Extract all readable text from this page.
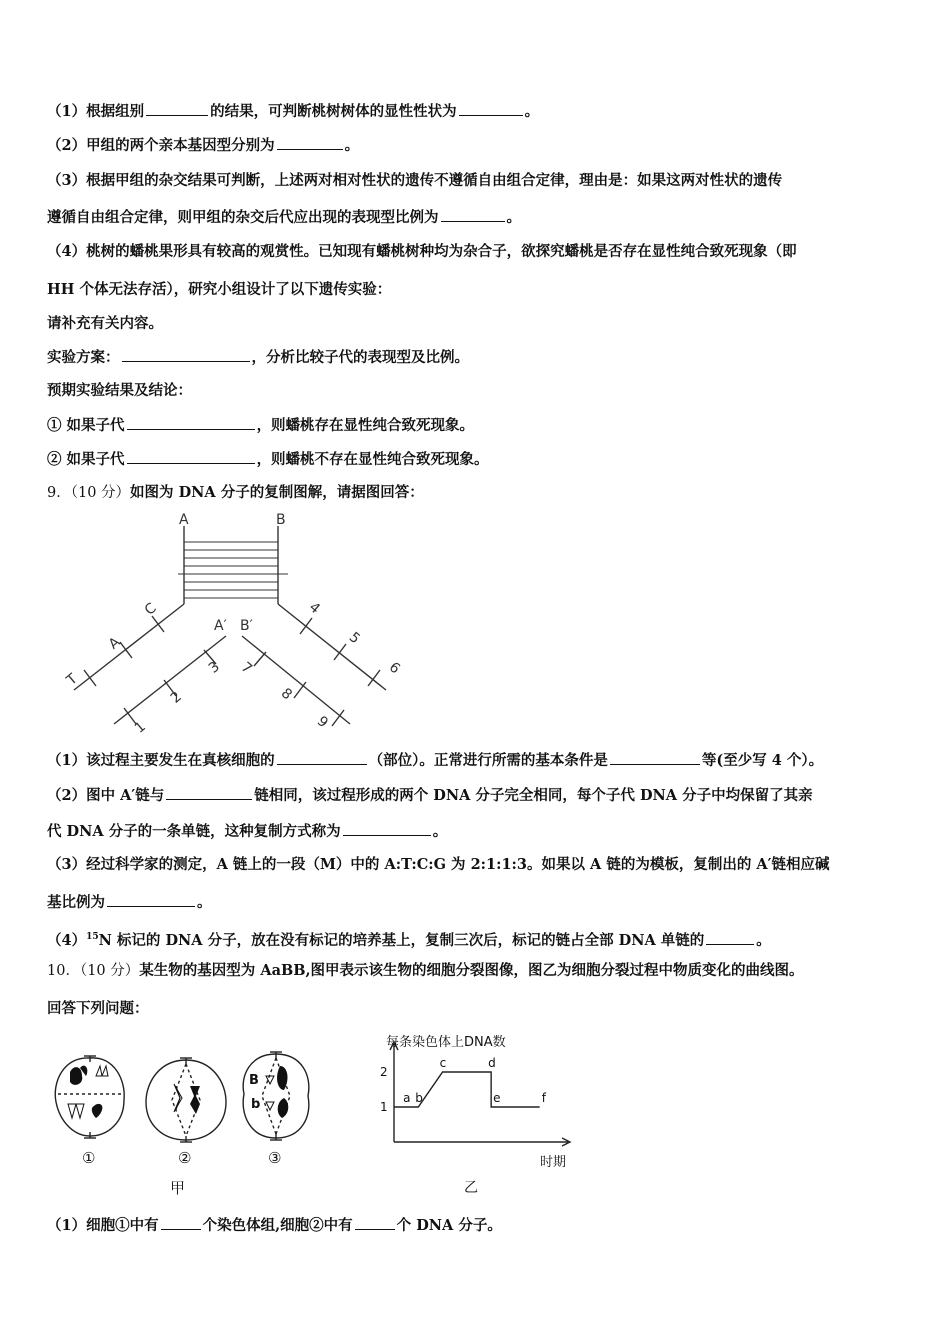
（1）根据组别	的结果，可判断桃树树体的显性性状为	。
（2）甲组的两个亲本基因型分别为	。
（3）根据甲组的杂交结果可判断，上述两对相对性状的遗传不遵循自由组合定律，理由是：如果这两对性状的遗传
遵循自由组合定律，则甲组的杂交后代应出现的表现型比例为	。
（4）桃树的蟠桃果形具有较高的观赏性。已知现有蟠桃树种均为杂合子，欲探究蟠桃是否存在显性纯合致死现象（即
HH 个体无法存活），研究小组设计了以下遗传实验：
请补充有关内容。
实验方案：	，分析比较子代的表现型及比例。
预期实验结果及结论：
① 如果子代	，则蟠桃存在显性纯合致死现象。
② 如果子代	，则蟠桃不存在显性纯合致死现象。
9．（10 分）如图为 DNA 分子的复制图解，请据图回答：
A	B
C
A′ B′
A
T
4
5
6
3
2
1
7
8
9
（1）该过程主要发生在真核细胞的	（部位）。正常进行所需的基本条件是	等(至少写 4 个）。
（2）图中 A′链与	链相同，该过程形成的两个 DNA 分子完全相同，每个子代 DNA 分子中均保留了其亲
代 DNA 分子的一条单链，这种复制方式称为	。
（3）经过科学家的测定，A 链上的一段（M）中的 A:T:C:G 为 2:1:1:3。如果以 A 链的为模板，复制出的 A′链相应碱
基比例为	。
$(4)^{15}N$ 标记的 DNA 分子，放在没有标记的培养基上，复制三次后，标记的链占全部 DNA 单链的	。
10．（10 分）某生物的基因型为 AaBB,图甲表示该生物的细胞分裂图像，图乙为细胞分裂过程中物质变化的曲线图。
回答下列问题：
B
b
①	②	③
甲
每条染色体上DNA数
时期
1
2
a b
c	d
e	f
乙
（1）细胞①中有	个染色体组,细胞②中有	个 DNA 分子。
